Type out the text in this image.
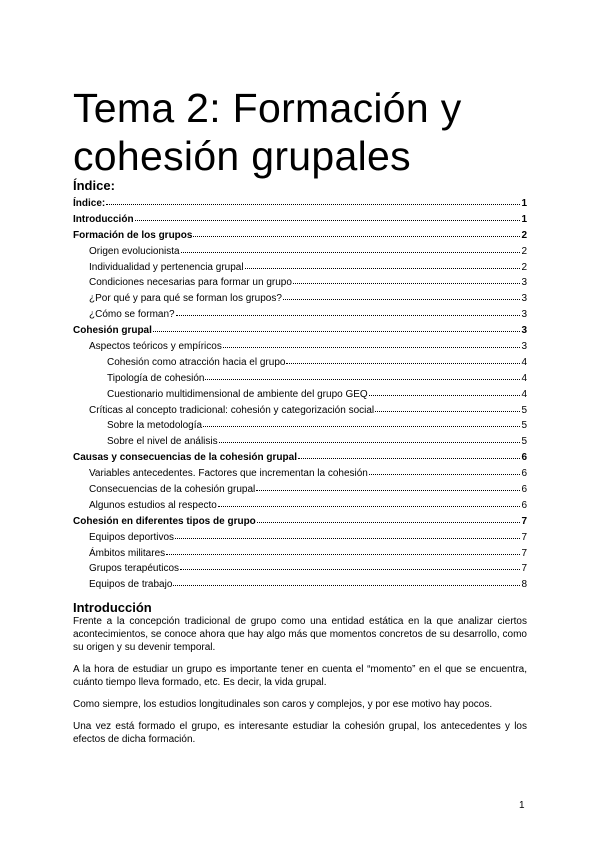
Tema 2: Formación y cohesión grupales
Índice:
Índice:	1
Introducción	1
Formación de los grupos	2
Origen evolucionista	2
Individualidad y pertenencia grupal	2
Condiciones necesarias para formar un grupo	3
¿Por qué y para qué se forman los grupos?	3
¿Cómo se forman?	3
Cohesión grupal	3
Aspectos teóricos y empíricos	3
Cohesión como atracción hacia el grupo	4
Tipología de cohesión	4
Cuestionario multidimensional de ambiente del grupo GEQ	4
Críticas al concepto tradicional: cohesión y categorización social	5
Sobre la metodología	5
Sobre el nivel de análisis	5
Causas y consecuencias de la cohesión grupal	6
Variables antecedentes. Factores que incrementan la cohesión	6
Consecuencias de la cohesión grupal	6
Algunos estudios al respecto	6
Cohesión en diferentes tipos de grupo	7
Equipos deportivos	7
Ámbitos militares	7
Grupos terapéuticos	7
Equipos de trabajo	8
Introducción

Frente a la concepción tradicional de grupo como una entidad estática en la que analizar ciertos acontecimientos, se conoce ahora que hay algo más que momentos concretos de su desarrollo, como su origen y su devenir temporal.

A la hora de estudiar un grupo es importante tener en cuenta el “momento” en el que se encuentra, cuánto tiempo lleva formado, etc. Es decir, la vida grupal.

Como siempre, los estudios longitudinales son caros y complejos, y por ese motivo hay pocos.

Una vez está formado el grupo, es interesante estudiar la cohesión grupal, los antecedentes y los efectos de dicha formación.

1
